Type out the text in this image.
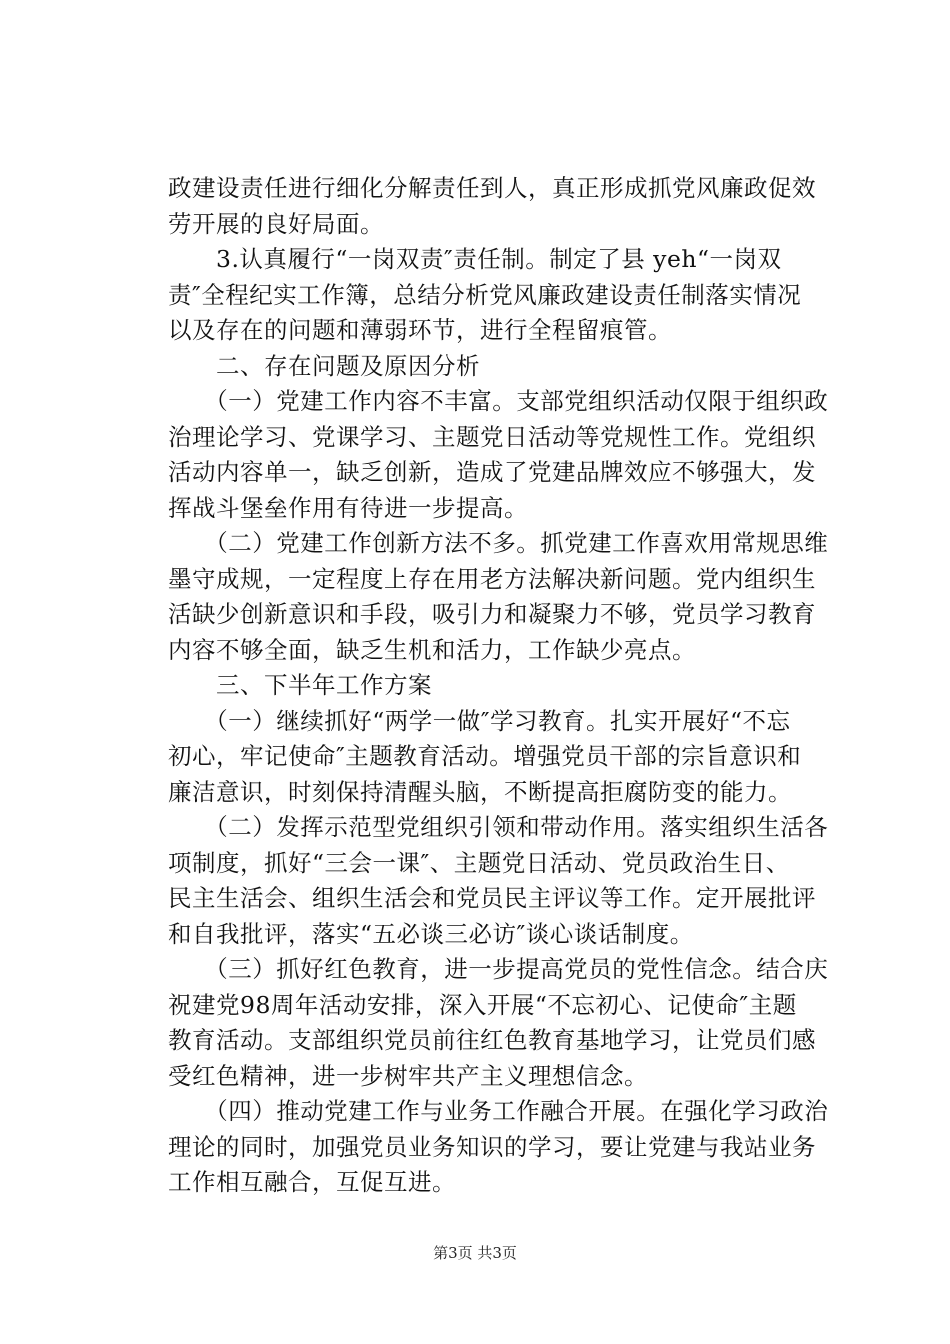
政建设责任进行细化分解责任到人，真正形成抓党风廉政促效
劳开展的良好局面。
　　3.认真履行“一岗双责″责任制。制定了县 yeh“一岗双
责″全程纪实工作簿，总结分析党风廉政建设责任制落实情况
以及存在的问题和薄弱环节，进行全程留痕管。
　　二、存在问题及原因分析
　　（一）党建工作内容不丰富。支部党组织活动仅限于组织政
治理论学习、党课学习、主题党日活动等党规性工作。党组织
活动内容单一，缺乏创新，造成了党建品牌效应不够强大，发
挥战斗堡垒作用有待进一步提高。
　　（二）党建工作创新方法不多。抓党建工作喜欢用常规思维
墨守成规，一定程度上存在用老方法解决新问题。党内组织生
活缺少创新意识和手段，吸引力和凝聚力不够，党员学习教育
内容不够全面，缺乏生机和活力，工作缺少亮点。
　　三、下半年工作方案
　　（一）继续抓好“两学一做″学习教育。扎实开展好“不忘
初心，牢记使命″主题教育活动。增强党员干部的宗旨意识和
廉洁意识，时刻保持清醒头脑，不断提高拒腐防变的能力。
　　（二）发挥示范型党组织引领和带动作用。落实组织生活各
项制度，抓好“三会一课″、主题党日活动、党员政治生日、
民主生活会、组织生活会和党员民主评议等工作。定开展批评
和自我批评，落实“五必谈三必访″谈心谈话制度。
　　（三）抓好红色教育，进一步提高党员的党性信念。结合庆
祝建党98周年活动安排，深入开展“不忘初心、记使命″主题
教育活动。支部组织党员前往红色教育基地学习，让党员们感
受红色精神，进一步树牢共产主义理想信念。
　　（四）推动党建工作与业务工作融合开展。在强化学习政治
理论的同时，加强党员业务知识的学习，要让党建与我站业务
工作相互融合，互促互进。
第3页 共3页
